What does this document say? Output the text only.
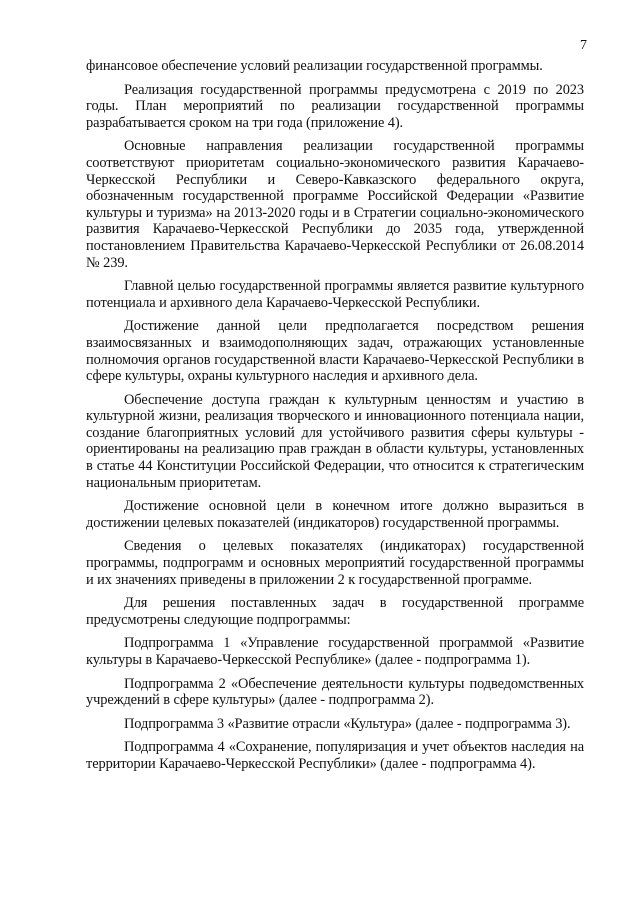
7

финансовое обеспечение условий реализации государственной программы.

Реализация государственной программы предусмотрена с 2019 по 2023 годы. План мероприятий по реализации государственной программы разрабатывается сроком на три года (приложение 4).

Основные направления реализации государственной программы соответствуют приоритетам социально-экономического развития Карачаево-Черкесской Республики и Северо-Кавказского федерального округа, обозначенным государственной программе Российской Федерации «Развитие культуры и туризма» на 2013-2020 годы и в Стратегии социально-экономического развития Карачаево-Черкесской Республики до 2035 года, утвержденной постановлением Правительства Карачаево-Черкесской Республики от 26.08.2014 № 239.

Главной целью государственной программы является развитие культурного потенциала и архивного дела Карачаево-Черкесской Республики.

Достижение данной цели предполагается посредством решения взаимосвязанных и взаимодополняющих задач, отражающих установленные полномочия органов государственной власти Карачаево-Черкесской Республики в сфере культуры, охраны культурного наследия и архивного дела.

Обеспечение доступа граждан к культурным ценностям и участию в культурной жизни, реализация творческого и инновационного потенциала нации, создание благоприятных условий для устойчивого развития сферы культуры - ориентированы на реализацию прав граждан в области культуры, установленных в статье 44 Конституции Российской Федерации, что относится к стратегическим национальным приоритетам.

Достижение основной цели в конечном итоге должно выразиться в достижении целевых показателей (индикаторов) государственной программы.

Сведения о целевых показателях (индикаторах) государственной программы, подпрограмм и основных мероприятий государственной программы и их значениях приведены в приложении 2 к государственной программе.

Для решения поставленных задач в государственной программе предусмотрены следующие подпрограммы:

Подпрограмма 1 «Управление государственной программой «Развитие культуры в Карачаево-Черкесской Республике» (далее - подпрограмма 1).

Подпрограмма 2 «Обеспечение деятельности культуры подведомственных учреждений в сфере культуры» (далее - подпрограмма 2).

Подпрограмма 3 «Развитие отрасли «Культура» (далее - подпрограмма 3).

Подпрограмма 4 «Сохранение, популяризация и учет объектов наследия на территории Карачаево-Черкесской Республики» (далее - подпрограмма 4).
